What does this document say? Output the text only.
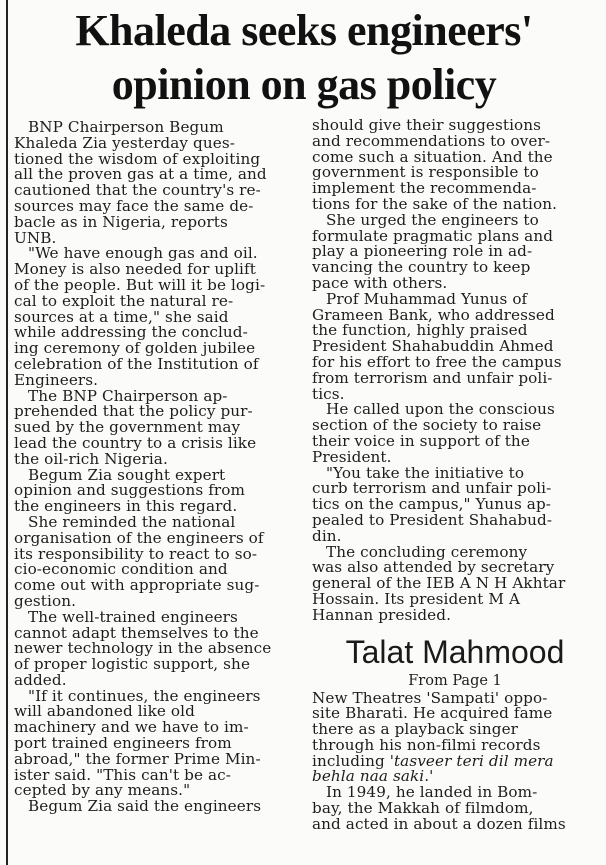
Khaleda seeks engineers'
opinion on gas policy
BNP Chairperson Begum
Khaleda Zia yesterday ques-
tioned the wisdom of exploiting
all the proven gas at a time, and
cautioned that the country's re-
sources may face the same de-
bacle as in Nigeria, reports
UNB.
"We have enough gas and oil.
Money is also needed for uplift
of the people. But will it be logi-
cal to exploit the natural re-
sources at a time," she said
while addressing the conclud-
ing ceremony of golden jubilee
celebration of the Institution of
Engineers.
The BNP Chairperson ap-
prehended that the policy pur-
sued by the government may
lead the country to a crisis like
the oil-rich Nigeria.
Begum Zia sought expert
opinion and suggestions from
the engineers in this regard.
She reminded the national
organisation of the engineers of
its responsibility to react to so-
cio-economic condition and
come out with appropriate sug-
gestion.
The well-trained engineers
cannot adapt themselves to the
newer technology in the absence
of proper logistic support, she
added.
"If it continues, the engineers
will abandoned like old
machinery and we have to im-
port trained engineers from
abroad," the former Prime Min-
ister said. "This can't be ac-
cepted by any means."
Begum Zia said the engineers
should give their suggestions
and recommendations to over-
come such a situation. And the
government is responsible to
implement the recommenda-
tions for the sake of the nation.
She urged the engineers to
formulate pragmatic plans and
play a pioneering role in ad-
vancing the country to keep
pace with others.
Prof Muhammad Yunus of
Grameen Bank, who addressed
the function, highly praised
President Shahabuddin Ahmed
for his effort to free the campus
from terrorism and unfair poli-
tics.
He called upon the conscious
section of the society to raise
their voice in support of the
President.
"You take the initiative to
curb terrorism and unfair poli-
tics on the campus," Yunus ap-
pealed to President Shahabud-
din.
The concluding ceremony
was also attended by secretary
general of the IEB A N H Akhtar
Hossain. Its president M A
Hannan presided.
Talat Mahmood
From Page 1
New Theatres 'Sampati' oppo-
site Bharati. He acquired fame
there as a playback singer
through his non-filmi records
including 'tasveer teri dil mera
behla naa saki.'
In 1949, he landed in Bom-
bay, the Makkah of filmdom,
and acted in about a dozen films
